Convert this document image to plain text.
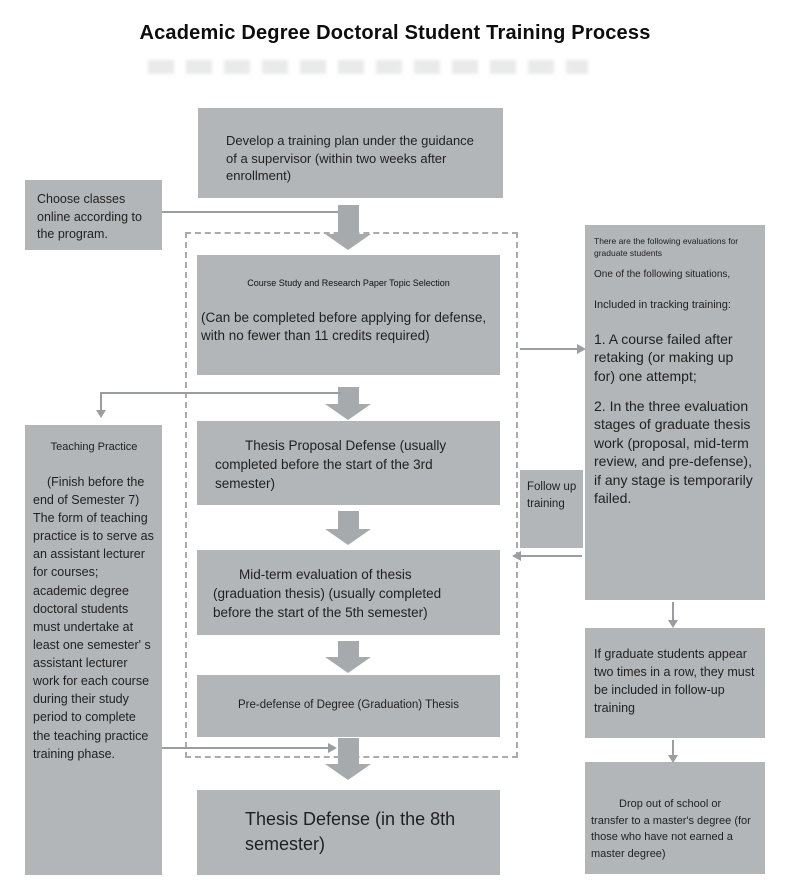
Academic Degree Doctoral Student Training Process

Develop a training plan under the guidance of a supervisor (within two weeks after enrollment)

Course Study and Research Paper Topic Selection

(Can be completed before applying for defense, with no fewer than 11 credits required)

Thesis Proposal Defense (usually completed before the start of the 3rd semester)

Mid-term evaluation of thesis (graduation thesis) (usually completed before the start of the 5th semester)

Pre-defense of Degree (Graduation) Thesis

Thesis Defense (in the 8th semester)

Choose classes online according to the program.

Teaching Practice

(Finish before the end of Semester 7) The form of teaching practice is to serve as an assistant lecturer for courses; academic degree doctoral students must undertake at least one semester' s assistant lecturer work for each course during their study period to complete the teaching practice training phase.

There are the following evaluations for graduate students

One of the following situations,

Included in tracking training:

1. A course failed after retaking (or making up for) one attempt;

2. In the three evaluation stages of graduate thesis work (proposal, mid-term review, and pre-defense), if any stage is temporarily failed.

Follow up training

If graduate students appear two times in a row, they must be included in follow-up training

Drop out of school or transfer to a master's degree (for those who have not earned a master degree)
